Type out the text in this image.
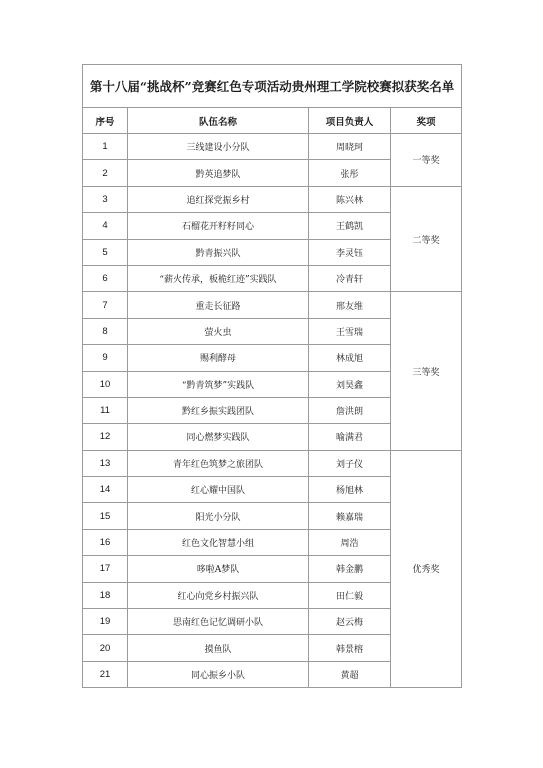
第十八届“挑战杯”竞赛红色专项活动贵州理工学院校赛拟获奖名单			
序号	队伍名称	项目负责人	奖项
1	三线建设小分队	周晓珂	一等奖
2	黔英追梦队	张彤	
3	追红探党振乡村	陈兴林	二等奖
4	石榴花开籽籽同心	王鹤凯	
5	黔青振兴队	李灵钰	
6	“薪火传承，板桅红迹”实践队	冷青轩	
7	重走长征路	邢友维	三等奖
8	萤火虫	王雪瑞	
9	赐利酵母	林成旭	
10	“黔青筑梦”实践队	刘昊鑫	
11	黔红乡振实践团队	詹洪朗	
12	同心燃梦实践队	喻满君	
13	青年红色筑梦之旅团队	刘子仪	优秀奖
14	红心耀中国队	杨旭林	
15	阳光小分队	赖嘉瑞	
16	红色文化智慧小组	周浩	
17	哆啦A梦队	韩金鹏	
18	红心向党乡村振兴队	田仁毅	
19	思南红色记忆调研小队	赵云梅	
20	摸鱼队	韩景榕	
21	同心振乡小队	黄超	
